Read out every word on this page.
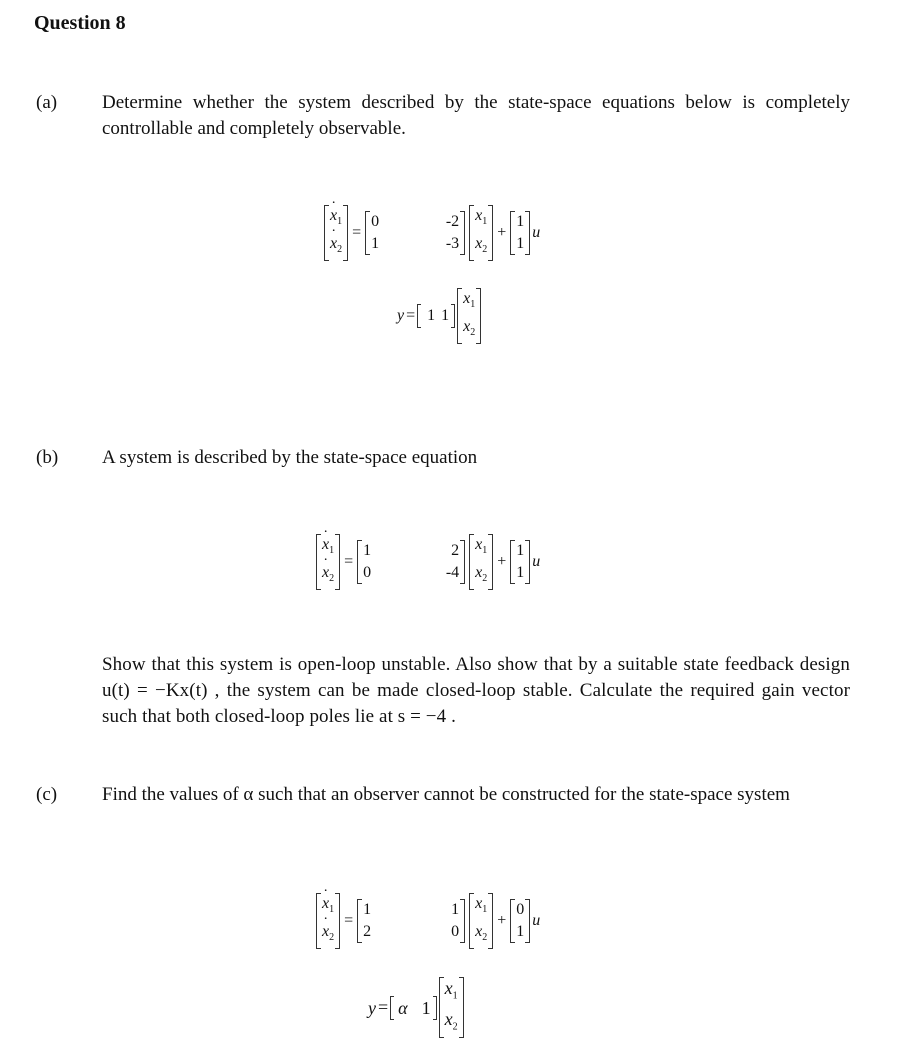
Question 8
(a) Determine whether the system described by the state-space equations below is completely controllable and completely observable.
˙ $x_1$
˙ $x_2$
=
0	-2
1	-3
$x_1$
$x_2$
+
1
1
u
y = 1 1
$x_1$
$x_2$
(b) A system is described by the state-space equation
˙ $x_1$
˙ $x_2$
=
1	2
0	-4
$x_1$
$x_2$
+
1
1
u
Show that this system is open-loop unstable. Also show that by a suitable state feedback design u(t) = −Kx(t) , the system can be made closed-loop stable. Calculate the required gain vector such that both closed-loop poles lie at s = −4 .
(c) Find the values of α such that an observer cannot be constructed for the state-space system
˙ $x_1$
˙ $x_2$
=
1	1
2	0
$x_1$
$x_2$
+
0
1
u
y = α 1
$x_1$
$x_2$
